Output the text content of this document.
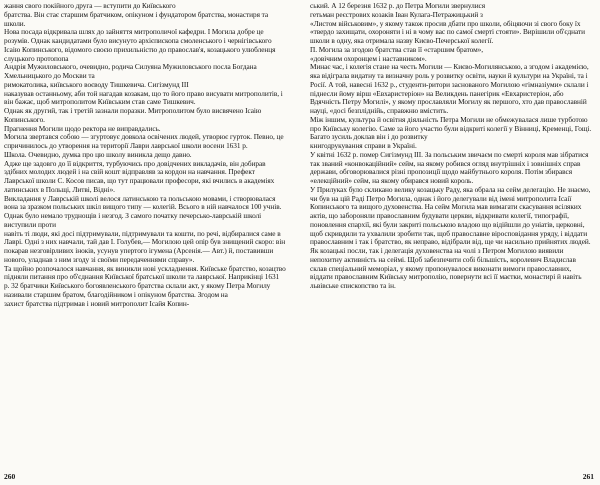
жання свого покійного друга — вступити до Київського
братства. Він стає старшим братчиком, опікуном і фундатором братства, монастиря та
школи.
Нова посада відкривала шлях до зайняття митрополичої кафедри. І Могила добре це
розумів. Однак кандидатами було висунуто архієпископа смоленського і чернігівського
Ісаію Копинського, відомого своєю прихильністю до православ'я, козацького улюбленця
слуцького протопопа
Андрія Мужиловського, очевидно, родича Силуяна Мужиловського посла Богдана
Хмельницького до Москви та
римокатолика, київського воєводу Тишкевича. Сигізмунд III
наказував останньому, аби той нагадав козакам, що то його право висувати митрополитів, і
він бажає, щоб митрополитом Київським став саме Тишкевич.
Однак як другий, так і третій зазнали поразки. Митрополитом було висвячено Ісаію
Копинського.
Прагнення Могили щодо ректора не виправдались.
Могила звертався собою — згуртовує довкола освічених людей, утворює гурток. Певно, це
спричинилось до утворення на території Лаври лаврської школи восени 1631 р.
Школа. Очевидно, думка про цю школу виникла дещо давно.
Адже ще задовго до її відкриття, турбуючись про довідчених викладачів, він добирав
здібних молодих людей і на свій кошт відправляв за кордон на навчання. Префект
Лаврської школи С. Косов писав, що тут працювали професори, які вчились в академіях
латинських в Польщі, Литві, Відні».
Викладання у Лаврській школі велося латинською та польською мовами, і створювалася
вона за зразком польських шкіл вищого типу — колегій. Всього в ній навчалося 100 учнів.
Однак було немало труднощів і незгод. З самого початку печерсько-лаврській школі
виступили проти
навіть ті люди, які досі підтримували, підтримували та кошти, по речі, відбиралися саме в
Лаврі. Одні з них навчали, тай дав І. Голубев,— Могилою цей опір був знищений скоро: він
покарав незговірливих іноків, усунув упертого ігумена (Арсенія.— Авт.) й, поставивши
нового, уладнав з ним згоду зі своїми передаченнями справу».
Та щойно розпочалося навчання, як виникли нові ускладнення. Київське братство, козацтво
підняли питання про об'єднання Київської братської школи та лаврської. Наприкінці 1631
р. 32 братчики Київського богоявленського братства склали акт, у якому Петра Могилу
називали старшим братом, благодійником і опікуном братства. Згодом на
захист братства підтримав і новий митрополит Ісайя Копин-
260
ський. А 12 березня 1632 р. до Петра Могили звернулися
гетьман реєстрових козаків Іван Кулага-Петражицький з
«Листом військовим», у якому також просив дбати про школи, обіцяючи зі свого боку їх
«твердо захищати, охороняти і ні в чому вас по самої смерті стояти». Вирішили об'єднати
школи в одну, яка отримала назву Києво-Печерської колегії.
П. Могила за згодою братства став її «старшим братом»,
«довічним охоронцем і наставником».
Минає час, і колегія стане на честь Могили — Києво-Могилянською, а згодом і академією,
яка відіграла видатну та визначну роль у розвитку освіти, науки й культури на Україні, та і
Росії. А той, навесні 1632 р., студенти-ритори заснованого Могилою «гімназіуми» склали і
піднесли йому вірш «Евхаристеріон» на Великдень панегірик «Евхаристеріон, або
Вдячність Петру Могилі», у якому прославляли Могилу як першого, хто дав православній
науці, «досі безпліднійь, справжню вмістить.
Між іншим, культура й освітня діяльність Петра Могили не обмежувалася лише турботою
про Київську колегію. Саме за його участю були відкриті колегії у Вінниці, Кременці, Гощі.
Багато зусиль доклав він і до розвитку
книгодрукування справи в Україні.
У квітні 1632 р. помер Сигізмунд III. За польським звичаєм по смерті короля мав зібратися
так званий «конвокаційний» сейм, на якому робився огляд внутрішніх і зовнішніх справ
держави, обговорювалися різні пропозиції щодо майбутнього короля. Потім збирався
«елекційний» сейм, на якому обирався новий король.
У Прилуках було скликано велику козацьку Раду, яка обрала на сейм делегацію. Не знаємо,
чи був на цій Раді Петро Могила, однак і його делегували від імені митрополита Ісаії
Копинського та вищого духовенства. На сейм Могила мав вимагати скасування всіляких
актів, що забороняли православним будувати церкви, відкривати колегії, типографії,
поновлення єпархії, які були закриті польською владою що відійшли до уніатів, церковні,
щоб скривдили та ухвалили зробити так, щоб православне віросповідання уряду, і віддати
православним і так і братство, як неправо, відібрали від, ще чи насильно прийнятих людей.
Як козацькі посли, так і делегація духовенства на чолі з Петром Могилою виявили
непохитну активність на сеймі. Щоб забезпечити собі більшість, королевич Владислав
склав спеціальний меморіал, у якому пропонувалося виконати вимоги православних,
віддати православним Київську митрополію, повернути всі її маєтки, монастирі й навіть
львівське єпископство та ін.
261
